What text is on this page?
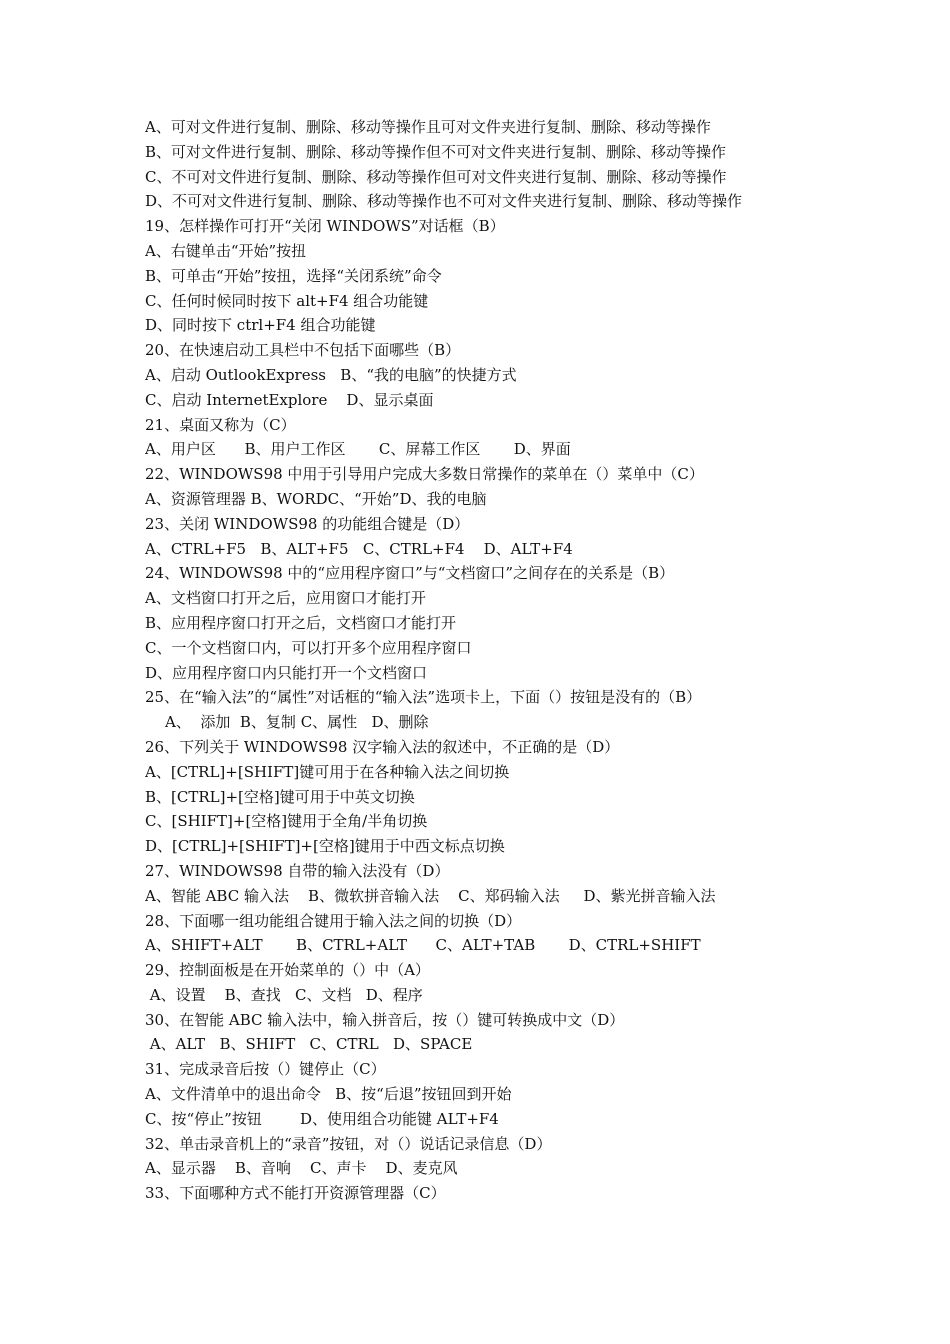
A、可对文件进行复制、删除、移动等操作且可对文件夹进行复制、删除、移动等操作
B、可对文件进行复制、删除、移动等操作但不可对文件夹进行复制、删除、移动等操作
C、不可对文件进行复制、删除、移动等操作但可对文件夹进行复制、删除、移动等操作
D、不可对文件进行复制、删除、移动等操作也不可对文件夹进行复制、删除、移动等操作
19、怎样操作可打开“关闭 WINDOWS”对话框（B）
A、右键单击“开始”按扭
B、可单击“开始”按扭，选择“关闭系统”命令
C、任何时候同时按下 alt+F4 组合功能键
D、同时按下 ctrl+F4 组合功能键
20、在快速启动工具栏中不包括下面哪些（B）
A、启动 OutlookExpress   B、“我的电脑”的快捷方式
C、启动 InternetExplore    D、显示桌面
21、桌面又称为（C）
A、用户区      B、用户工作区       C、屏幕工作区       D、界面
22、WINDOWS98 中用于引导用户完成大多数日常操作的菜单在（）菜单中（C）
A、资源管理器 B、WORDC、“开始”D、我的电脑
23、关闭 WINDOWS98 的功能组合键是（D）
A、CTRL+F5   B、ALT+F5   C、CTRL+F4    D、ALT+F4
24、WINDOWS98 中的“应用程序窗口”与“文档窗口”之间存在的关系是（B）
A、文档窗口打开之后，应用窗口才能打开
B、应用程序窗口打开之后，文档窗口才能打开
C、一个文档窗口内，可以打开多个应用程序窗口
D、应用程序窗口内只能打开一个文档窗口
25、在“输入法”的“属性”对话框的“输入法”选项卡上，下面（）按钮是没有的（B）
A、  添加  B、复制 C、属性   D、删除
26、下列关于 WINDOWS98 汉字输入法的叙述中，不正确的是（D）
A、[CTRL]+[SHIFT]键可用于在各种输入法之间切换
B、[CTRL]+[空格]键可用于中英文切换
C、[SHIFT]+[空格]键用于全角/半角切换
D、[CTRL]+[SHIFT]+[空格]键用于中西文标点切换
27、WINDOWS98 自带的输入法没有（D）
A、智能 ABC 输入法    B、微软拼音输入法    C、郑码输入法     D、紫光拼音输入法
28、下面哪一组功能组合键用于输入法之间的切换（D）
A、SHIFT+ALT       B、CTRL+ALT      C、ALT+TAB       D、CTRL+SHIFT
29、控制面板是在开始菜单的（）中（A）
A、设置    B、查找   C、文档   D、程序
30、在智能 ABC 输入法中，输入拼音后，按（）键可转换成中文（D）
A、ALT   B、SHIFT   C、CTRL   D、SPACE
31、完成录音后按（）键停止（C）
A、文件清单中的退出命令   B、按“后退”按钮回到开始
C、按“停止”按钮        D、使用组合功能键 ALT+F4
32、单击录音机上的“录音”按钮，对（）说话记录信息（D）
A、显示器    B、音响    C、声卡    D、麦克风
33、下面哪种方式不能打开资源管理器（C）
